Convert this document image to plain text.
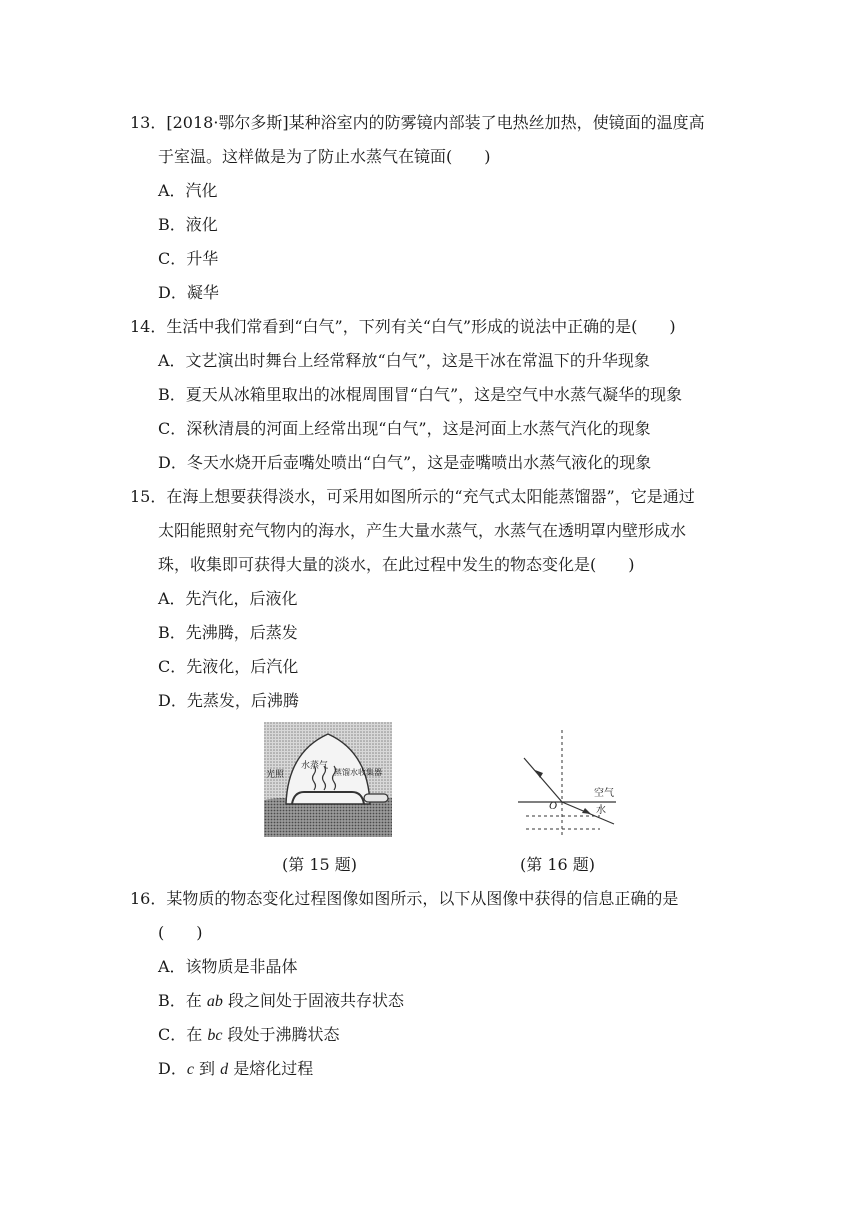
13．[2018·鄂尔多斯]某种浴室内的防雾镜内部装了电热丝加热，使镜面的温度高
于室温。这样做是为了防止水蒸气在镜面(　　)
A．汽化
B．液化
C．升华
D．凝华
14．生活中我们常看到“白气”，下列有关“白气”形成的说法中正确的是(　　)
A．文艺演出时舞台上经常释放“白气”，这是干冰在常温下的升华现象
B．夏天从冰箱里取出的冰棍周围冒“白气”，这是空气中水蒸气凝华的现象
C．深秋清晨的河面上经常出现“白气”，这是河面上水蒸气汽化的现象
D．冬天水烧开后壶嘴处喷出“白气”，这是壶嘴喷出水蒸气液化的现象
15．在海上想要获得淡水，可采用如图所示的“充气式太阳能蒸馏器”，它是通过
太阳能照射充气物内的海水，产生大量水蒸气，水蒸气在透明罩内壁形成水
珠，收集即可获得大量的淡水，在此过程中发生的物态变化是(　　)
A．先汽化，后液化
B．先沸腾，后蒸发
C．先液化，后汽化
D．先蒸发，后沸腾
光照
水蒸气
蒸馏水收集器
(第 15 题)
O
空气
水
(第 16 题)
16．某物质的物态变化过程图像如图所示，以下从图像中获得的信息正确的是
(　　)
A．该物质是非晶体
B．在 ab 段之间处于固液共存状态
C．在 bc 段处于沸腾状态
D．c 到 d 是熔化过程
